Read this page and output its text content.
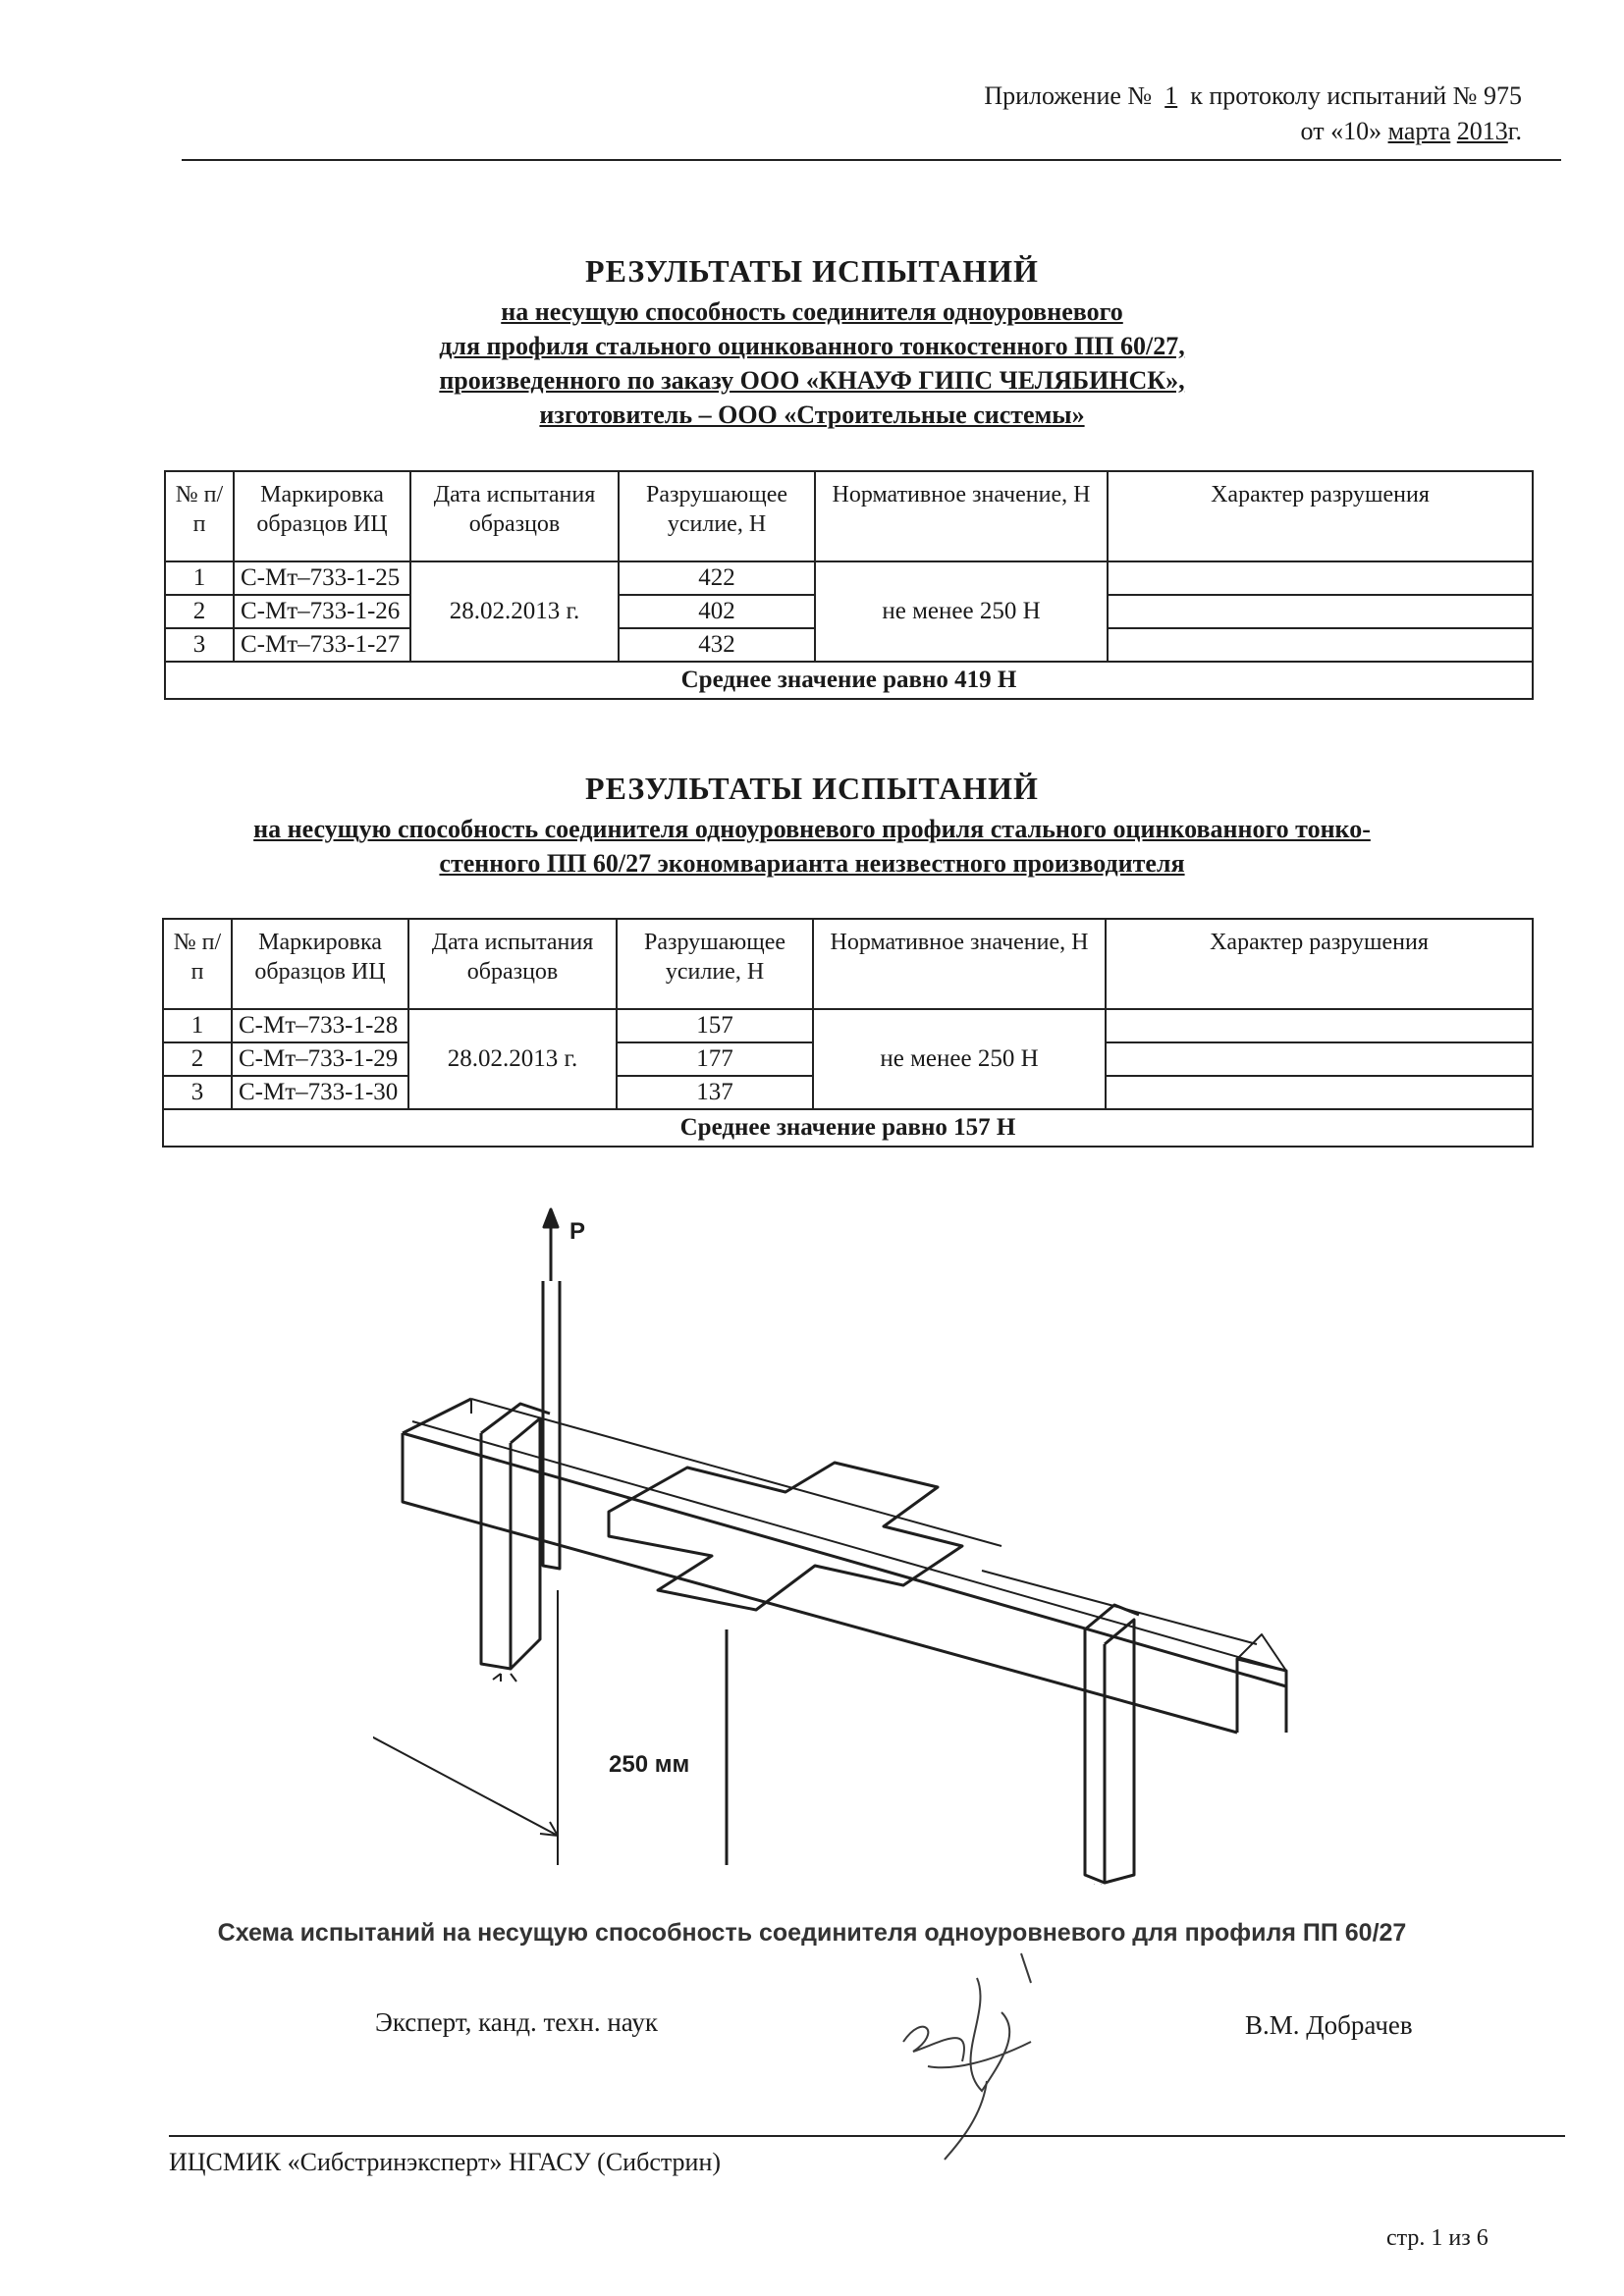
Приложение № 1 к протоколу испытаний № 975
от «10» марта 2013г.
РЕЗУЛЬТАТЫ ИСПЫТАНИЙ
на несущую способность соединителя одноуровневого
для профиля стального оцинкованного тонкостенного ПП 60/27,
произведенного по заказу ООО «КНАУФ ГИПС ЧЕЛЯБИНСК»,
изготовитель – ООО «Строительные системы»
№ п/п	Маркировка образцов ИЦ	Дата испытания образцов	Разрушающее усилие, Н	Нормативное значение, Н	Характер разрушения
1	С-Мт–733-1-25	28.02.2013 г.	422	не менее 250 Н	
2	С-Мт–733-1-26		402		
3	С-Мт–733-1-27		432		
Среднее значение равно 419 Н					
РЕЗУЛЬТАТЫ ИСПЫТАНИЙ
на несущую способность соединителя одноуровневого профиля стального оцинкованного тонко-
стенного ПП 60/27 экономварианта неизвестного производителя
№ п/п	Маркировка образцов ИЦ	Дата испытания образцов	Разрушающее усилие, Н	Нормативное значение, Н	Характер разрушения
1	С-Мт–733-1-28	28.02.2013 г.	157	не менее 250 Н	
2	С-Мт–733-1-29		177		
3	С-Мт–733-1-30		137		
Среднее значение равно 157 Н					
Р
250 мм
Схема испытаний на несущую способность соединителя одноуровневого для профиля ПП 60/27
Эксперт, канд. техн. наук	В.М. Добрачев
ИЦСМИК «Сибстринэксперт» НГАСУ (Сибстрин)
стр. 1 из 6
